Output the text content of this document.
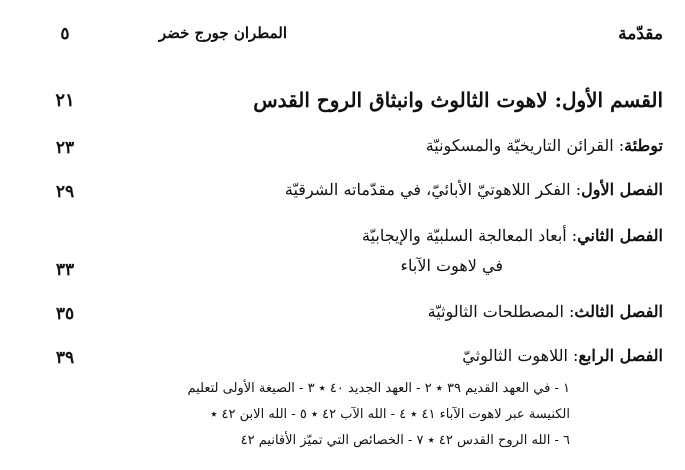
مقدّمة
المطران جورج خضر
٥
القسم الأول: لاهوت الثالوث وانبثاق الروح القدس
٢١
توطئة: القرائن التاريخيّة والمسكونيّة
٢٣
الفصل الأول: الفكر اللاهوتيّ الأبائيّ، في مقدّماته الشرقيّة
٢٩
الفصل الثاني: أبعاد المعالجة السلبيّة والإيجابيّة
في لاهوت الآباء
٣٣
الفصل الثالث: المصطلحات الثالوثيّة
٣٥
الفصل الرابع: اللاهوت الثالوثيّ
٣٩
١ - في العهد القديم ٣٩ ٭ ٢ - العهد الجديد ٤٠ ٭ ٣ - الصيغة الأولى لتعليم
الكنيسة عبر لاهوت الآباء ٤١ ٭ ٤ - الله الآب ٤٢ ٭ ٥ - الله الابن ٤٢ ٭
٦ - الله الروح القدس ٤٢ ٭ ٧ - الخصائص التي تميّز الأقانيم ٤٢
